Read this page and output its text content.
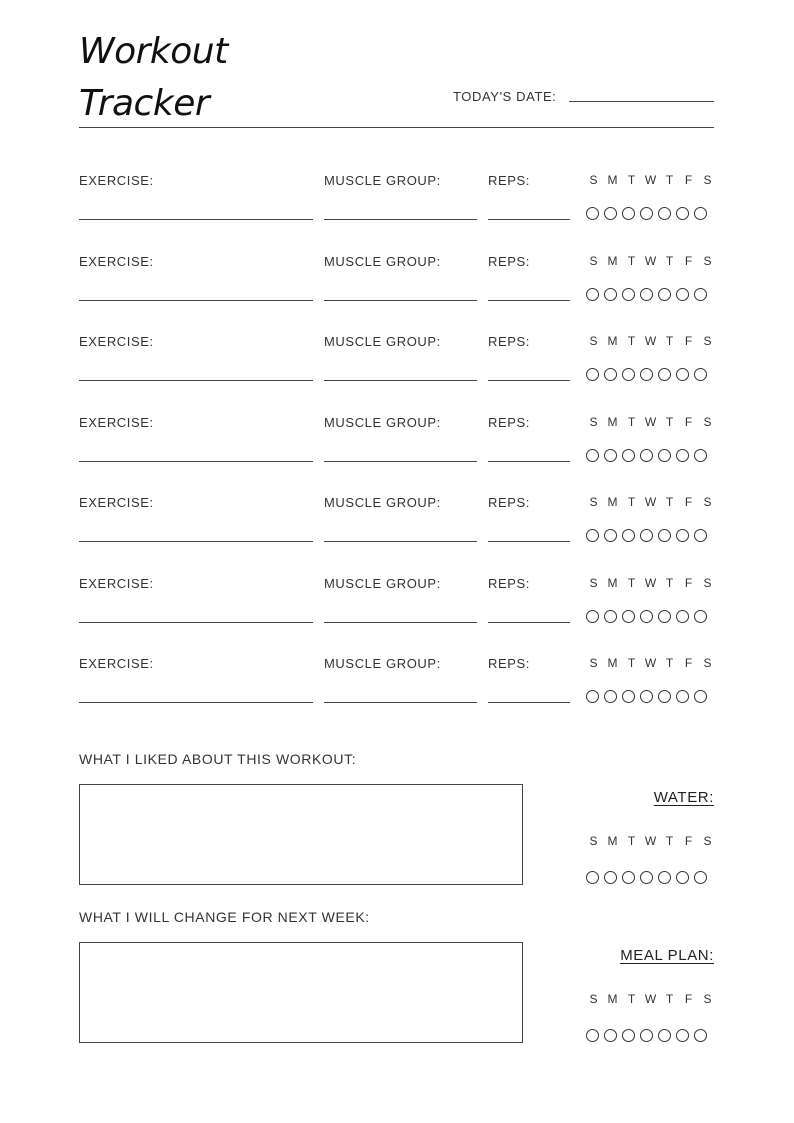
Workout
Tracker	TODAY'S DATE:
EXERCISE:	MUSCLE GROUP:	REPS:	S M T W T F S
EXERCISE:	MUSCLE GROUP:	REPS:	S M T W T F S
EXERCISE:	MUSCLE GROUP:	REPS:	S M T W T F S
EXERCISE:	MUSCLE GROUP:	REPS:	S M T W T F S
EXERCISE:	MUSCLE GROUP:	REPS:	S M T W T F S
EXERCISE:	MUSCLE GROUP:	REPS:	S M T W T F S
EXERCISE:	MUSCLE GROUP:	REPS:	S M T W T F S
WHAT I LIKED ABOUT THIS WORKOUT:
WHAT I WILL CHANGE FOR NEXT WEEK:
WATER:
S M T W T F S
MEAL PLAN:
S M T W T F S
